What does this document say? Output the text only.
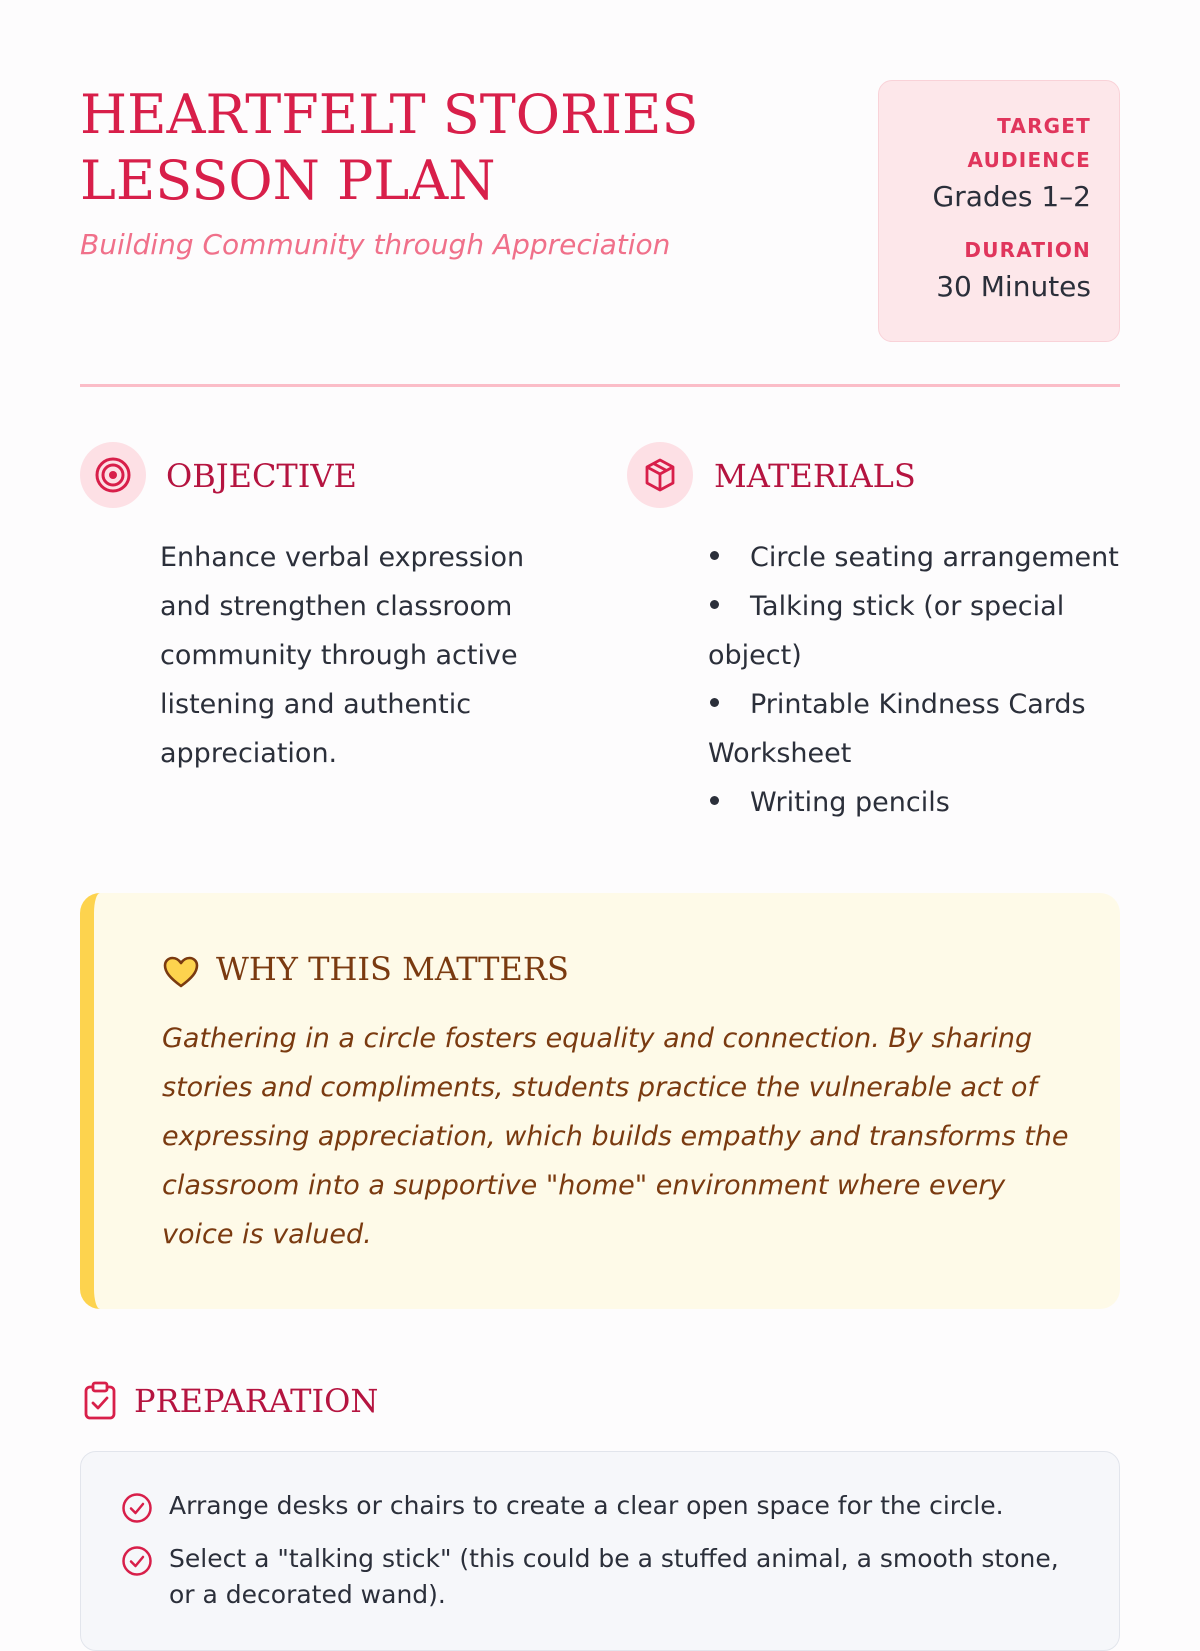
HEARTFELT STORIES
LESSON PLAN
Building Community through Appreciation
TARGET AUDIENCE
Grades 1–2
DURATION
30 Minutes
OBJECTIVE
Enhance verbal expression and strengthen classroom community through active listening and authentic appreciation.
MATERIALS
Circle seating arrangement
Talking stick (or special object)
Printable Kindness Cards Worksheet
Writing pencils
WHY THIS MATTERS
Gathering in a circle fosters equality and connection. By sharing stories and compliments, students practice the vulnerable act of expressing appreciation, which builds empathy and transforms the classroom into a supportive "home" environment where every voice is valued.
PREPARATION
Arrange desks or chairs to create a clear open space for the circle.
Select a "talking stick" (this could be a stuffed animal, a smooth stone, or a decorated wand).
